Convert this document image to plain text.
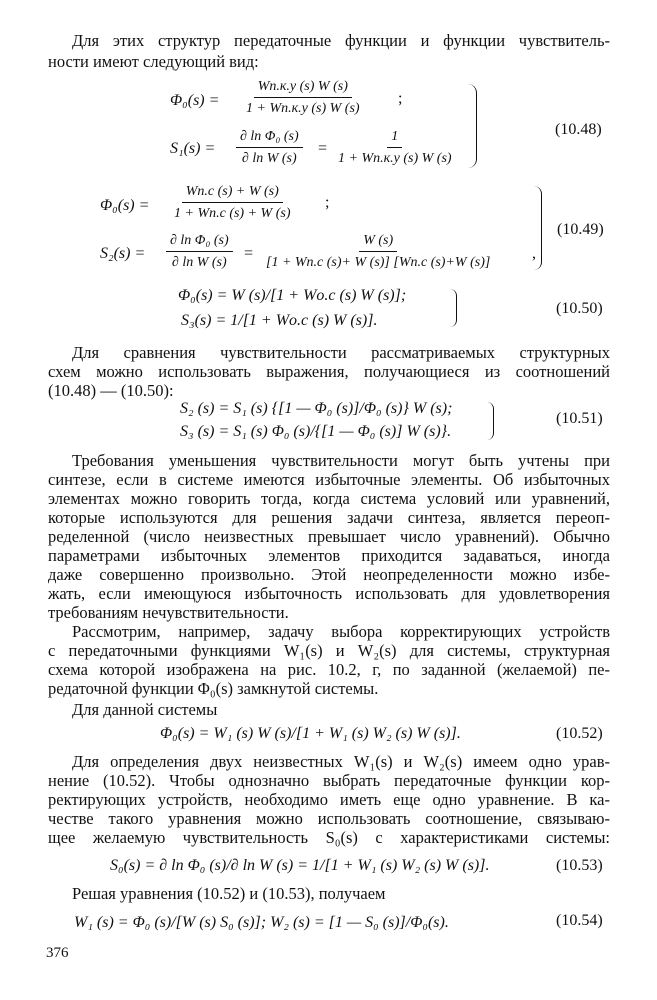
Для этих структур передаточные функции и функции чувствитель-
ности имеют следующий вид:
Φ₀(s) =
Wп.к.у (s) W (s)
1 + Wп.к.у (s) W (s)
;
$S_1(s) = \frac{\text{∂ ln Φ₀ (s)}}{\text{∂ ln W (s)}}$ =
1
1 + Wп.к.у (s) W (s)
(10.48)
Φ₀(s) =
Wп.с (s) + W (s)
1 + Wп.с (s) + W (s)
;
$S_2(s) = \frac{\text{∂ ln Φ₀ (s)}}{\text{∂ ln W (s)}}$ =
W (s)
[1 + Wп.с (s)+ W (s)] [Wп.с (s)+W (s)]
,
(10.49)
Φ₀(s) = W (s)/[1 + Wо.с (s) W (s)];
S₃(s) = 1/[1 + Wо.с (s) W (s)].
(10.50)
Для сравнения чувствительности рассматриваемых структурных
схем можно использовать выражения, получающиеся из соотношений
(10.48) — (10.50):
S₂ (s) = S₁ (s) {[1 — Φ₀ (s)]/Φ₀ (s)} W (s);
S₃ (s) = S₁ (s) Φ₀ (s)/{[1 — Φ₀ (s)] W (s)}.
(10.51)
Требования уменьшения чувствительности могут быть учтены при
синтезе, если в системе имеются избыточные элементы. Об избыточных
элементах можно говорить тогда, когда система условий или уравнений,
которые используются для решения задачи синтеза, является переоп-
ределенной (число неизвестных превышает число уравнений). Обычно
параметрами избыточных элементов приходится задаваться, иногда
даже совершенно произвольно. Этой неопределенности можно избе-
жать, если имеющуюся избыточность использовать для удовлетворения
требованиям нечувствительности.
Рассмотрим, например, задачу выбора корректирующих устройств
с передаточными функциями W₁(s) и W₂(s) для системы, структурная
схема которой изображена на рис. 10.2, г, по заданной (желаемой) пе-
редаточной функции Φ₀(s) замкнутой системы.
Для данной системы
Φ₀(s) = W₁ (s) W (s)/[1 + W₁ (s) W₂ (s) W (s)].	(10.52)
Для определения двух неизвестных W₁(s) и W₂(s) имеем одно урав-
нение (10.52). Чтобы однозначно выбрать передаточные функции кор-
ректирующих устройств, необходимо иметь еще одно уравнение. В ка-
честве такого уравнения можно использовать соотношение, связываю-
щее желаемую чувствительность S₀(s) с характеристиками системы:
S₀(s) = ∂ ln Φ₀ (s)/∂ ln W (s) = 1/[1 + W₁ (s) W₂ (s) W (s)].	(10.53)
Решая уравнения (10.52) и (10.53), получаем
W₁ (s) = Φ₀ (s)/[W (s) S₀ (s)]; W₂ (s) = [1 — S₀ (s)]/Φ₀(s).	(10.54)
376
